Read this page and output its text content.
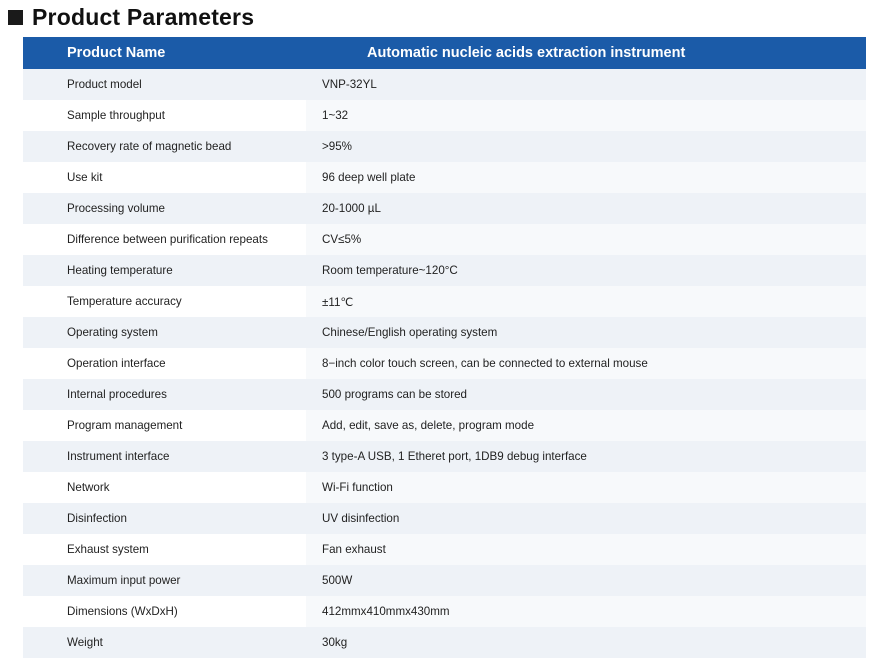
Product Parameters
Product Name	Automatic nucleic acids extraction instrument
Product model	VNP-32YL
Sample throughput	1~32
Recovery rate of magnetic bead	>95%
Use kit	96 deep well plate
Processing volume	20-1000 µL
Difference between purification repeats	CV≤5%
Heating temperature	Room temperature~120°C
Temperature accuracy	±11℃
Operating system	Chinese/English operating system
Operation interface	8−inch color touch screen, can be connected to external mouse
Internal procedures	500 programs can be stored
Program management	Add, edit, save as, delete, program mode
Instrument interface	3 type-A USB, 1 Etheret port, 1DB9 debug interface
Network	Wi-Fi function
Disinfection	UV disinfection
Exhaust system	Fan exhaust
Maximum input power	500W
Dimensions (WxDxH)	412mmx410mmx430mm
Weight	30kg
